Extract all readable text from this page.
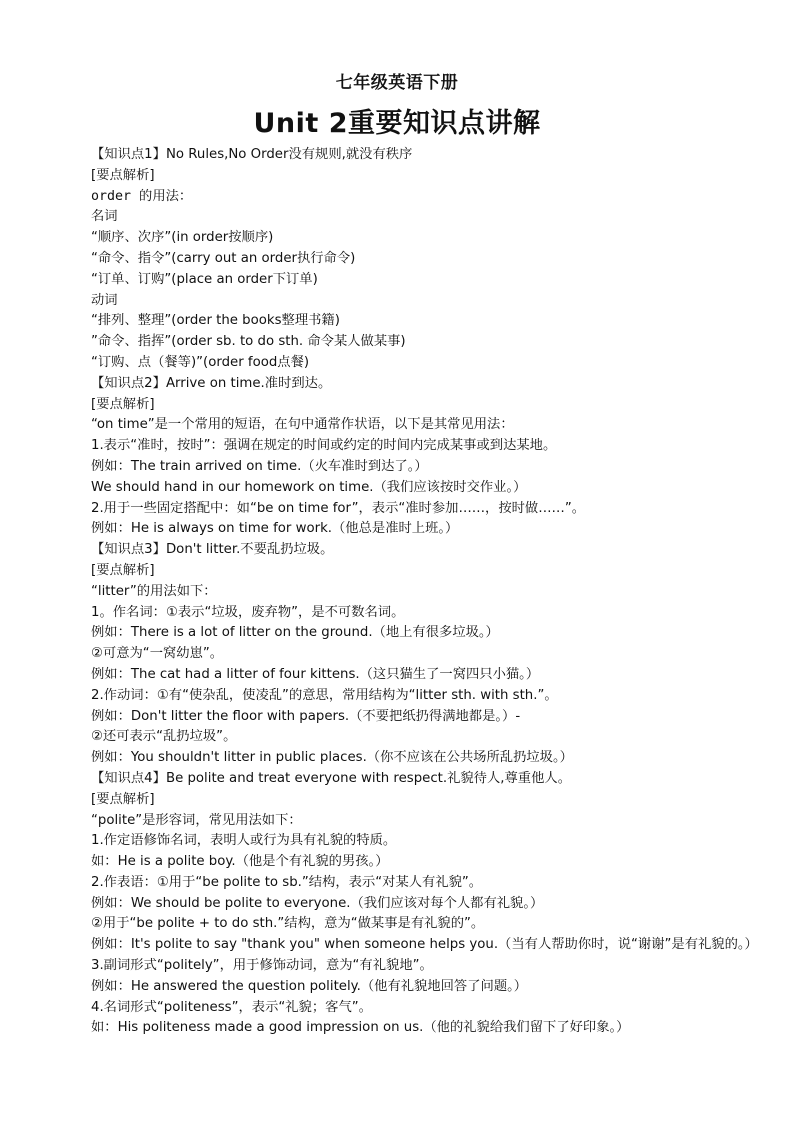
七年级英语下册
Unit 2重要知识点讲解

【知识点1】No Rules,No Order没有规则,就没有秩序

[要点解析]

order 的用法：

名词

“顺序、次序”(in order按顺序)

“命令、指令”(carry out an order执行命令)

“订单、订购”(place an order下订单)

动词

“排列、整理”(order the books整理书籍)

”命令、指挥”(order sb. to do sth. 命令某人做某事)

“订购、点（餐等)”(order food点餐)

【知识点2】Arrive on time.准时到达。

[要点解析]

“on time”是一个常用的短语，在句中通常作状语，以下是其常见用法：

1.表示“准时，按时”：强调在规定的时间或约定的时间内完成某事或到达某地。

例如：The train arrived on time.（火车准时到达了。）

We should hand in our homework on time.（我们应该按时交作业。）

2.用于一些固定搭配中：如“be on time for”，表示“准时参加……，按时做……”。

例如：He is always on time for work.（他总是准时上班。）

【知识点3】Don't litter.不要乱扔垃圾。

[要点解析]

“litter”的用法如下：

1。作名词：①表示“垃圾，废弃物”，是不可数名词。

例如：There is a lot of litter on the ground.（地上有很多垃圾。）

②可意为“一窝幼崽”。

例如：The cat had a litter of four kittens.（这只猫生了一窝四只小猫。）

2.作动词：①有“使杂乱，使凌乱”的意思，常用结构为“litter sth. with sth.”。

例如：Don't litter the floor with papers.（不要把纸扔得满地都是。）-

②还可表示“乱扔垃圾”。

例如：You shouldn't litter in public places.（你不应该在公共场所乱扔垃圾。）

【知识点4】Be polite and treat everyone with respect.礼貌待人,尊重他人。

[要点解析]

“polite”是形容词，常见用法如下：

1.作定语修饰名词，表明人或行为具有礼貌的特质。

如：He is a polite boy.（他是个有礼貌的男孩。）

2.作表语：①用于“be polite to sb.”结构，表示“对某人有礼貌”。

例如：We should be polite to everyone.（我们应该对每个人都有礼貌。）

②用于“be polite + to do sth.”结构，意为“做某事是有礼貌的”。

例如：It's polite to say "thank you" when someone helps you.（当有人帮助你时，说“谢谢”是有礼貌的。）

3.副词形式“politely”，用于修饰动词，意为“有礼貌地”。

例如：He answered the question politely.（他有礼貌地回答了问题。）

4.名词形式“politeness”，表示“礼貌；客气”。

如：His politeness made a good impression on us.（他的礼貌给我们留下了好印象。）
